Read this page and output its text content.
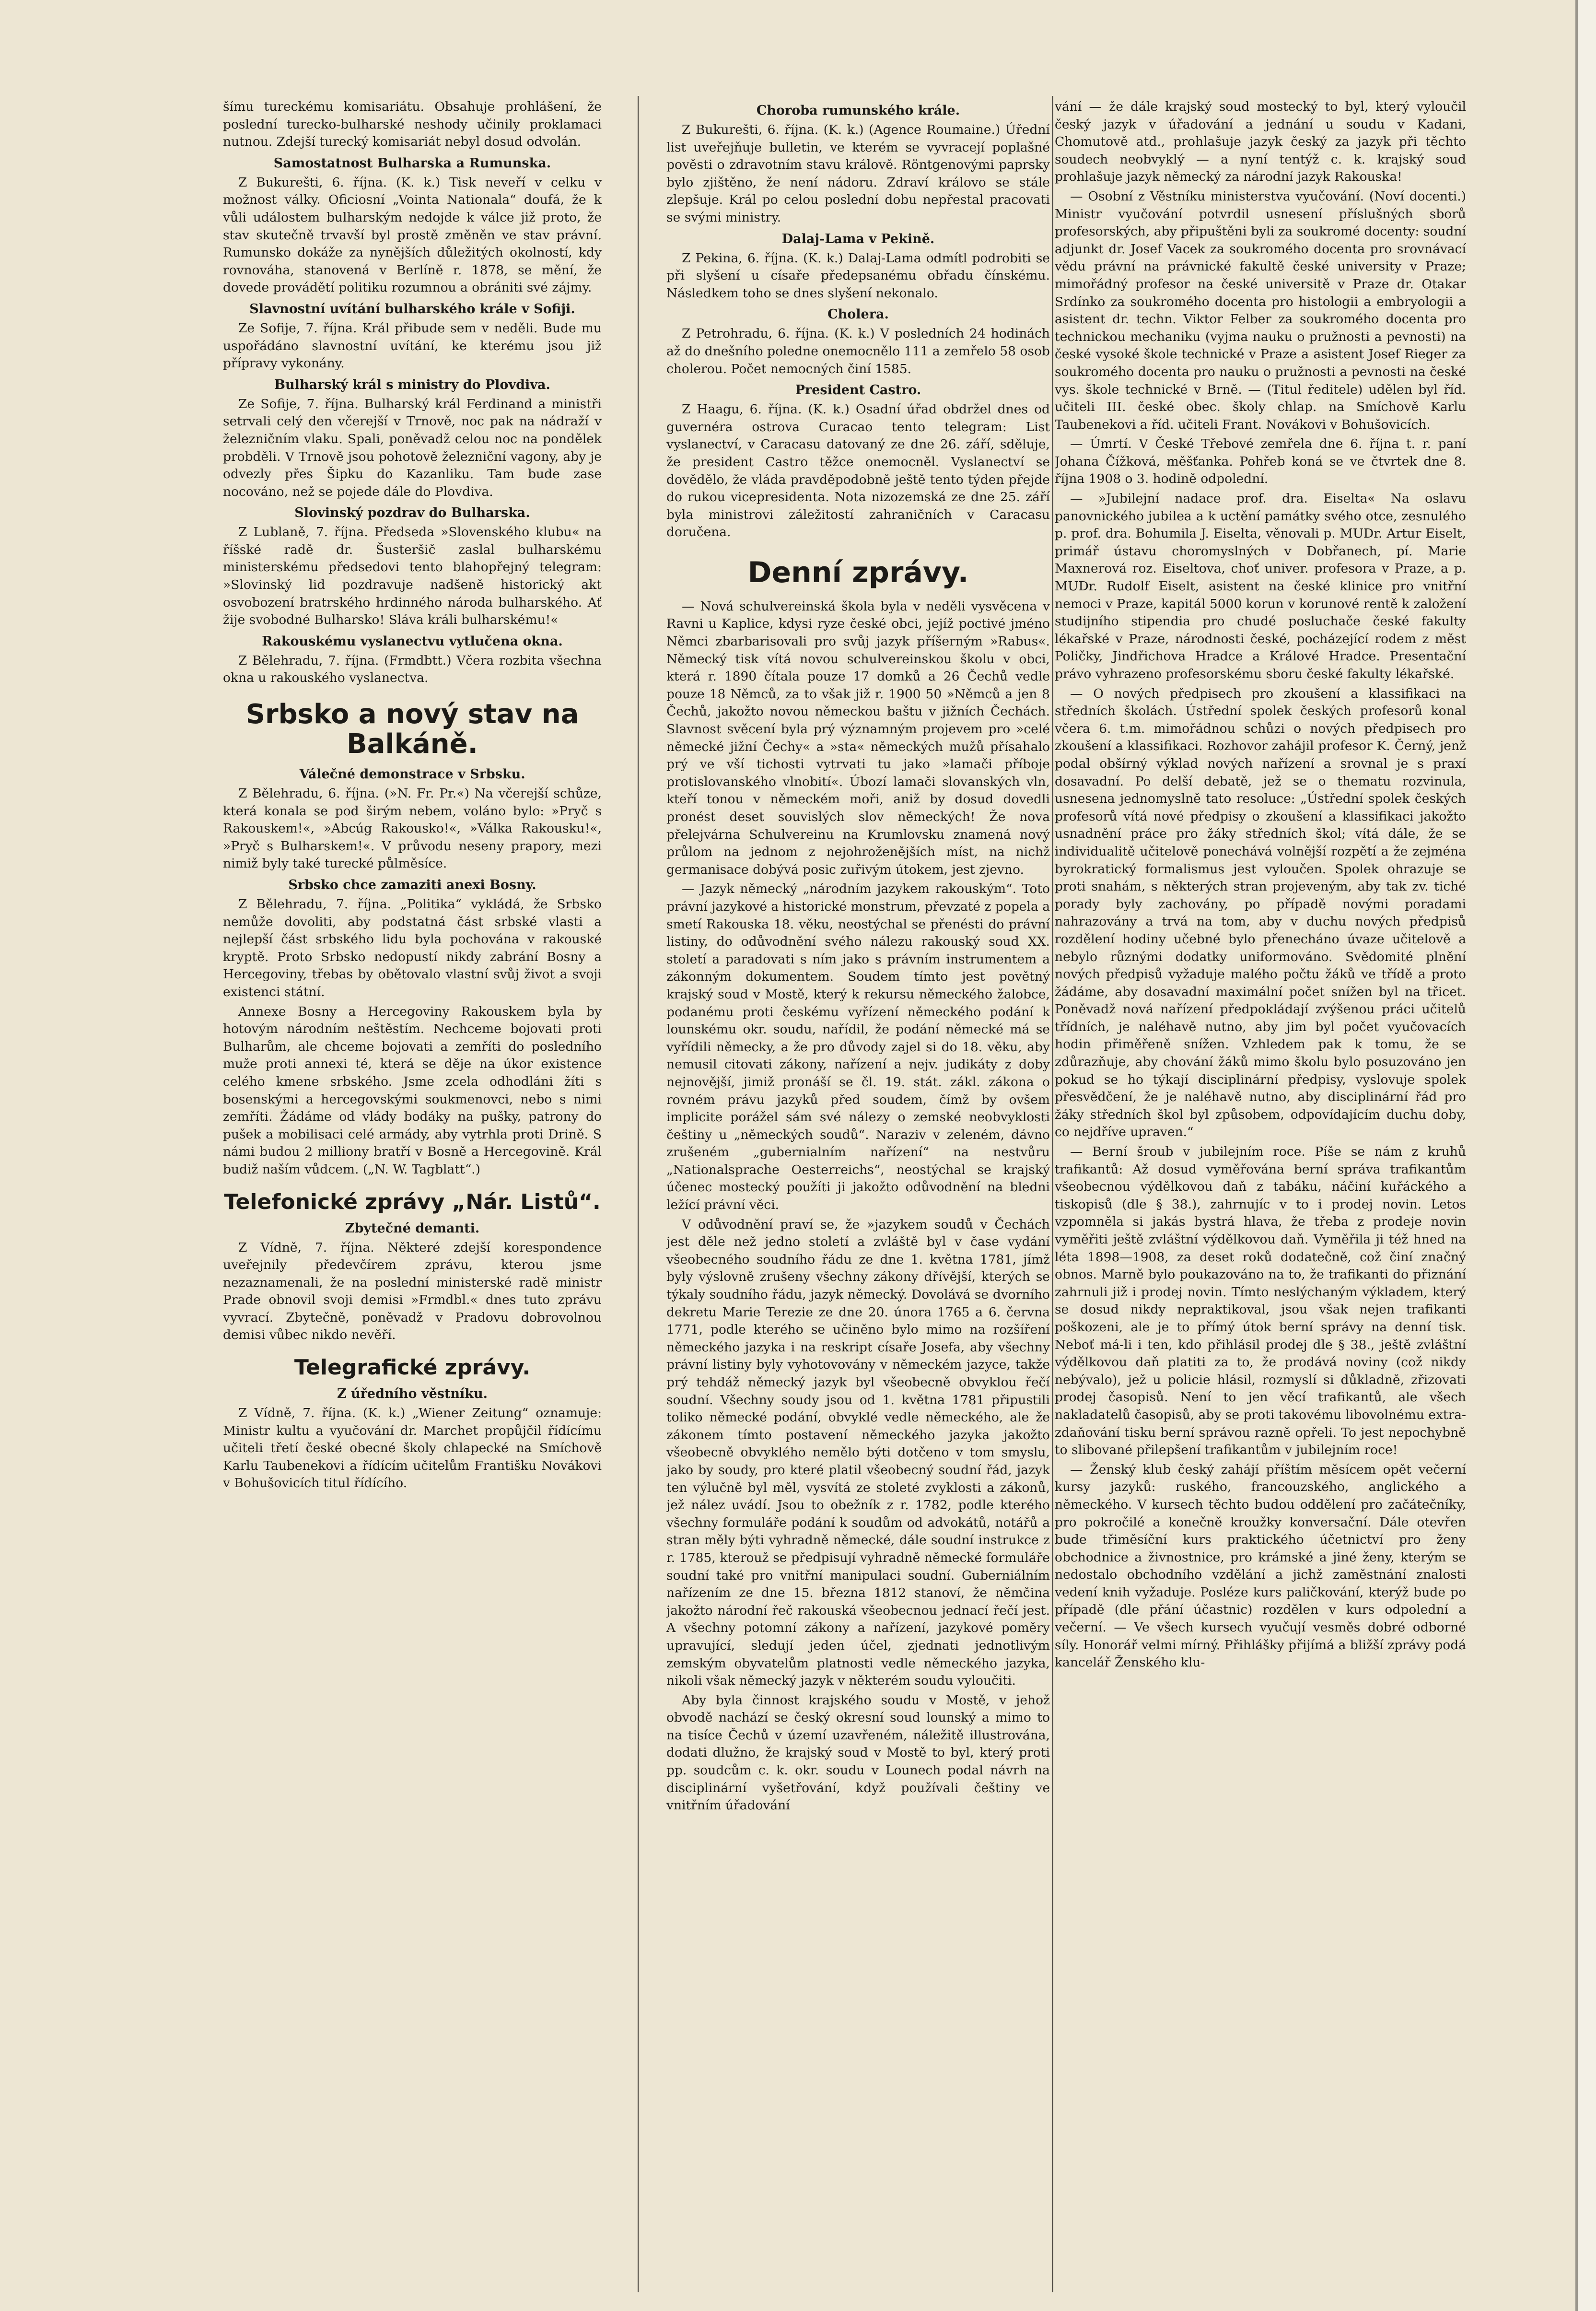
šímu tureckému komisariátu. Obsahuje prohlášení, že poslední turecko-bulharské neshody učinily proklamaci nutnou. Zdejší turecký komisariát nebyl dosud odvolán.

Samostatnost Bulharska a Rumunska.

Z Bukurešti, 6. října. (K. k.) Tisk neveří v celku v možnost války. Oficiosní „Vointa Nationala“ doufá, že k vůli událostem bulharským nedojde k válce již proto, že stav skutečně trvavší byl prostě změněn ve stav právní. Rumunsko dokáže za nynějších důležitých okolností, kdy rovnováha, stanovená v Berlíně r. 1878, se mění, že dovede provádětí politiku rozumnou a obrániti své zájmy.

Slavnostní uvítání bulharského krále v Sofiji.

Ze Sofije, 7. října. Král přibude sem v neděli. Bude mu uspořádáno slavnostní uvítání, ke kterému jsou již přípravy vykonány.

Bulharský král s ministry do Plovdiva.

Ze Sofije, 7. října. Bulharský král Ferdinand a ministři setrvali celý den včerejší v Trnově, noc pak na nádraží v železničním vlaku. Spali, poněvadž celou noc na pondělek probděli. V Trnově jsou pohotově železniční vagony, aby je odvezly přes Šipku do Kazanliku. Tam bude zase nocováno, než se pojede dále do Plovdiva.

Slovinský pozdrav do Bulharska.

Z Lublaně, 7. října. Předseda »Slovenského klubu« na říšské radě dr. Šusteršič zaslal bulharskému ministerskému předsedovi tento blahopřejný telegram: »Slovinský lid pozdravuje nadšeně historický akt osvobození bratrského hrdinného národa bulharského. Ať žije svobodné Bulharsko! Sláva králi bulharskému!«

Rakouskému vyslanectvu vytlučena okna.

Z Bělehradu, 7. října. (Frmdbtt.) Včera rozbita všechna okna u rakouského vyslanectva.

Srbsko a nový stav na Balkáně.
Válečné demonstrace v Srbsku.

Z Bělehradu, 6. října. (»N. Fr. Pr.«) Na včerejší schůze, která konala se pod širým nebem, voláno bylo: »Pryč s Rakouskem!«, »Abcúg Rakousko!«, »Válka Rakousku!«, »Pryč s Bulharskem!«. V průvodu neseny prapory, mezi nimiž byly také turecké půlměsíce.

Srbsko chce zamaziti anexi Bosny.

Z Bělehradu, 7. října. „Politika“ vykládá, že Srbsko nemůže dovoliti, aby podstatná část srbské vlasti a nejlepší část srbského lidu byla pochována v rakouské kryptě. Proto Srbsko nedopustí nikdy zabrání Bosny a Hercegoviny, třebas by obětovalo vlastní svůj život a svoji existenci státní.

Annexe Bosny a Hercegoviny Rakouskem byla by hotovým národním neštěstím. Nechceme bojovati proti Bulharům, ale chceme bojovati a zemříti do posledního muže proti annexi té, která se děje na úkor existence celého kmene srbského. Jsme zcela odhodláni žíti s bosenskými a hercegovskými soukmenovci, nebo s nimi zemříti. Žádáme od vlády bodáky na pušky, patrony do pušek a mobilisaci celé armády, aby vytrhla proti Drině. S námi budou 2 milliony bratří v Bosně a Hercegovině. Král budiž naším vůdcem. („N. W. Tagblatt“.)

Telefonické zprávy „Nár. Listů“.
Zbytečné demanti.

Z Vídně, 7. října. Některé zdejší korespondence uveřejnily předevčírem zprávu, kterou jsme nezaznamenali, že na poslední ministerské radě ministr Prade obnovil svoji demisi »Frmdbl.« dnes tuto zprávu vyvrací. Zbytečně, poněvadž v Pradovu dobrovolnou demisi vůbec nikdo nevěří.

Telegrafické zprávy.
Z úředního věstníku.

Z Vídně, 7. října. (K. k.) „Wiener Zeitung“ oznamuje: Ministr kultu a vyučování dr. Marchet propůjčil řídícímu učiteli třetí české obecné školy chlapecké na Smíchově Karlu Taubenekovi a řídícím učitelům Františku Novákovi v Bohušovicích titul řídícího.

Choroba rumunského krále.

Z Bukurešti, 6. října. (K. k.) (Agence Roumaine.) Úřední list uveřejňuje bulletin, ve kterém se vyvracejí poplašné pověsti o zdravotním stavu králově. Röntgenovými paprsky bylo zjištěno, že není nádoru. Zdraví královo se stále zlepšuje. Král po celou poslední dobu nepřestal pracovati se svými ministry.

Dalaj-Lama v Pekině.

Z Pekina, 6. října. (K. k.) Dalaj-Lama odmítl podrobiti se při slyšení u císaře předepsanému obřadu čínskému. Následkem toho se dnes slyšení nekonalo.

Cholera.

Z Petrohradu, 6. října. (K. k.) V posledních 24 hodinách až do dnešního poledne onemocnělo 111 a zemřelo 58 osob cholerou. Počet nemocných činí 1585.

President Castro.

Z Haagu, 6. října. (K. k.) Osadní úřad obdržel dnes od guvernéra ostrova Curacao tento telegram: List vyslanectví, v Caracasu datovaný ze dne 26. září, sděluje, že president Castro těžce onemocněl. Vyslanectví se dovědělo, že vláda pravděpodobně ještě tento týden přejde do rukou vicepresidenta. Nota nizozemská ze dne 25. září byla ministrovi záležitostí zahraničních v Caracasu doručena.

Denní zprávy.

— Nová schulvereinská škola byla v neděli vysvěcena v Ravni u Kaplice, kdysi ryze české obci, jejíž poctivé jméno Němci zbarbarisovali pro svůj jazyk příšerným »Rabus«. Německý tisk vítá novou schulvereinskou školu v obci, která r. 1890 čítala pouze 17 domků a 26 Čechů vedle pouze 18 Němců, za to však již r. 1900 50 »Němců a jen 8 Čechů, jakožto novou německou baštu v jižních Čechách. Slavnost svěcení byla prý významným projevem pro »celé německé jižní Čechy« a »sta« německých mužů přísahalo prý ve vší tichosti vytrvati tu jako »lamači příboje protislovanského vlnobití«. Úbozí lamači slovanských vln, kteří tonou v německém moři, aniž by dosud dovedli pronést deset souvislých slov německých! Že nova přelejvárna Schulvereinu na Krumlovsku znamená nový průlom na jednom z nejohroženějších míst, na nichž germanisace dobývá posic zuřivým útokem, jest zjevno.

— Jazyk německý „národním jazykem rakouským“. Toto právní jazykové a historické monstrum, převzaté z popela a smetí Rakouska 18. věku, neostýchal se přenésti do právní listiny, do odůvodnění svého nálezu rakouský soud XX. století a paradovati s ním jako s právním instrumentem a zákonným dokumentem. Soudem tímto jest povětný krajský soud v Mostě, který k rekursu německého žalobce, podanému proti českému vyřízení německého podání k lounskému okr. soudu, nařídil, že podání německé má se vyřídili německy, a že pro důvody zajel si do 18. věku, aby nemusil citovati zákony, nařízení a nejv. judikáty z doby nejnovější, jimiž pronáší se čl. 19. stát. zákl. zákona o rovném právu jazyků před soudem, čímž by ovšem implicite porážel sám své nálezy o zemské neobvyklosti češtiny u „německých soudů“. Naraziv v zeleném, dávno zrušeném „gubernialním nařízení“ na nestvůru „Nationalsprache Oesterreichs“, neostýchal se krajský účenec mostecký použíti ji jakožto odůvodnění na bledni ležící právní věci.

V odůvodnění praví se, že »jazykem soudů v Čechách jest děle než jedno století a zvláště byl v čase vydání všeobecného soudního řádu ze dne 1. května 1781, jímž byly výslovně zrušeny všechny zákony dřívější, kterých se týkaly soudního řádu, jazyk německý. Dovolává se dvorního dekretu Marie Terezie ze dne 20. února 1765 a 6. června 1771, podle kterého se učiněno bylo mimo na rozšíření německého jazyka i na reskript císaře Josefa, aby všechny právní listiny byly vyhotovovány v německém jazyce, takže prý tehdáž německý jazyk byl všeobecně obvyklou řečí soudní. Všechny soudy jsou od 1. května 1781 připustili toliko německé podání, obvyklé vedle německého, ale že zákonem tímto postavení německého jazyka jakožto všeobecně obvyklého nemělo býti dotčeno v tom smyslu, jako by soudy, pro které platil všeobecný soudní řád, jazyk ten výlučně byl měl, vysvítá ze stoleté zvyklosti a zákonů, jež nález uvádí. Jsou to obežník z r. 1782, podle kterého všechny formuláře podání k soudům od advokátů, notářů a stran měly býti vyhradně německé, dále soudní instrukce z r. 1785, kterouž se předpisují vyhradně německé formuláře soudní také pro vnitřní manipulaci soudní. Guberniálním nařízením ze dne 15. března 1812 stanoví, že němčina jakožto národní řeč rakouská všeobecnou jednací řečí jest. A všechny potomní zákony a nařízení, jazykové poměry upravující, sledují jeden účel, zjednati jednotlivým zemským obyvatelům platnosti vedle německého jazyka, nikoli však německý jazyk v některém soudu vyloučiti.

Aby byla činnost krajského soudu v Mostě, v jehož obvodě nachází se český okresní soud lounský a mimo to na tisíce Čechů v území uzavřeném, náležitě illustrována, dodati dlužno, že krajský soud v Mostě to byl, který proti pp. soudcům c. k. okr. soudu v Lounech podal návrh na disciplinární vyšetřování, když používali češtiny ve vnitřním úřadování

vání — že dále krajský soud mostecký to byl, který vyloučil český jazyk v úřadování a jednání u soudu v Kadani, Chomutově atd., prohlašuje jazyk český za jazyk při těchto soudech neobvyklý — a nyní tentýž c. k. krajský soud prohlašuje jazyk německý za národní jazyk Rakouska!

— Osobní z Věstníku ministerstva vyučování. (Noví docenti.) Ministr vyučování potvrdil usnesení příslušných sborů profesorských, aby připuštěni byli za soukromé docenty: soudní adjunkt dr. Josef Vacek za soukromého docenta pro srovnávací vědu právní na právnické fakultě české university v Praze; mimořádný profesor na české universitě v Praze dr. Otakar Srdínko za soukromého docenta pro histologii a embryologii a asistent dr. techn. Viktor Felber za soukromého docenta pro technickou mechaniku (vyjma nauku o pružnosti a pevnosti) na české vysoké škole technické v Praze a asistent Josef Rieger za soukromého docenta pro nauku o pružnosti a pevnosti na české vys. škole technické v Brně. — (Titul ředitele) udělen byl říd. učiteli III. české obec. školy chlap. na Smíchově Karlu Taubenekovi a říd. učiteli Frant. Novákovi v Bohušovicích.

— Úmrtí. V České Třebové zemřela dne 6. října t. r. paní Johana Čížková, měšťanka. Pohřeb koná se ve čtvrtek dne 8. října 1908 o 3. hodině odpolední.

— »Jubilejní nadace prof. dra. Eiselta« Na oslavu panovnického jubilea a k uctění památky svého otce, zesnulého p. prof. dra. Bohumila J. Eiselta, věnovali p. MUDr. Artur Eiselt, primář ústavu choromyslných v Dobřanech, pí. Marie Maxnerová roz. Eiseltova, choť univer. profesora v Praze, a p. MUDr. Rudolf Eiselt, asistent na české klinice pro vnitřní nemoci v Praze, kapitál 5000 korun v korunové rentě k založení studijního stipendia pro chudé posluchače české fakulty lékařské v Praze, národnosti české, pocházející rodem z měst Poličky, Jindřichova Hradce a Králové Hradce. Presentační právo vyhrazeno profesorskému sboru české fakulty lékařské.

— O nových předpisech pro zkoušení a klassifikaci na středních školách. Ústřední spolek českých profesorů konal včera 6. t.m. mimořádnou schůzi o nových předpisech pro zkoušení a klassifikaci. Rozhovor zahájil profesor K. Černý, jenž podal obšírný výklad nových nařízení a srovnal je s praxí dosavadní. Po delší debatě, jež se o thematu rozvinula, usnesena jednomyslně tato resoluce: „Ústřední spolek českých profesorů vítá nové předpisy o zkoušení a klassifikaci jakožto usnadnění práce pro žáky středních škol; vítá dále, že se individualitě učitelově ponechává volnější rozpětí a že zejména byrokratický formalismus jest vyloučen. Spolek ohrazuje se proti snahám, s některých stran projeveným, aby tak zv. tiché porady byly zachovány, po případě novými poradami nahrazovány a trvá na tom, aby v duchu nových předpisů rozdělení hodiny učebné bylo přenecháno úvaze učitelově a nebylo různými dodatky uniformováno. Svědomité plnění nových předpisů vyžaduje malého počtu žáků ve třídě a proto žádáme, aby dosavadní maximální počet snížen byl na třicet. Poněvadž nová nařízení předpokládají zvýšenou práci učitelů třídních, je naléhavě nutno, aby jim byl počet vyučovacích hodin přiměřeně snížen. Vzhledem pak k tomu, že se zdůrazňuje, aby chování žáků mimo školu bylo posuzováno jen pokud se ho týkají disciplinární předpisy, vyslovuje spolek přesvědčení, že je naléhavě nutno, aby disciplinární řád pro žáky středních škol byl způsobem, odpovídajícím duchu doby, co nejdříve upraven.“

— Berní šroub v jubilejním roce. Píše se nám z kruhů trafikantů: Až dosud vyměřována berní správa trafikantům všeobecnou výdělkovou daň z tabáku, náčiní kuřáckého a tiskopisů (dle § 38.), zahrnujíc v to i prodej novin. Letos vzpomněla si jakás bystrá hlava, že třeba z prodeje novin vyměřiti ještě zvláštní výdělkovou daň. Vyměřila ji též hned na léta 1898—1908, za deset roků dodatečně, což činí značný obnos. Marně bylo poukazováno na to, že trafikanti do přiznání zahrnuli již i prodej novin. Tímto neslýchaným výkladem, který se dosud nikdy nepraktikoval, jsou však nejen trafikanti poškozeni, ale je to přímý útok berní správy na denní tisk. Neboť má-li i ten, kdo přihlásil prodej dle § 38., ještě zvláštní výdělkovou daň platiti za to, že prodává noviny (což nikdy nebývalo), jež u policie hlásil, rozmyslí si důkladně, zřizovati prodej časopisů. Není to jen věcí trafikantů, ale všech nakladatelů časopisů, aby se proti takovému libovolnému extra-zdaňování tisku berní správou razně opřeli. To jest nepochybně to slibované přilepšení trafikantům v jubilejním roce!

— Ženský klub český zahájí příštím měsícem opět večerní kursy jazyků: ruského, francouzského, anglického a německého. V kursech těchto budou oddělení pro začátečníky, pro pokročilé a konečně kroužky konversační. Dále otevřen bude třiměsíční kurs praktického účetnictví pro ženy obchodnice a živnostnice, pro krámské a jiné ženy, kterým se nedostalo obchodního vzdělání a jichž zaměstnání znalosti vedení knih vyžaduje. Posléze kurs paličkování, kterýž bude po případě (dle přání účastnic) rozdělen v kurs odpolední a večerní. — Ve všech kursech vyučují vesměs dobré odborné síly. Honorář velmi mírný. Přihlášky přijímá a bližší zprávy podá kancelář Ženského klu-
